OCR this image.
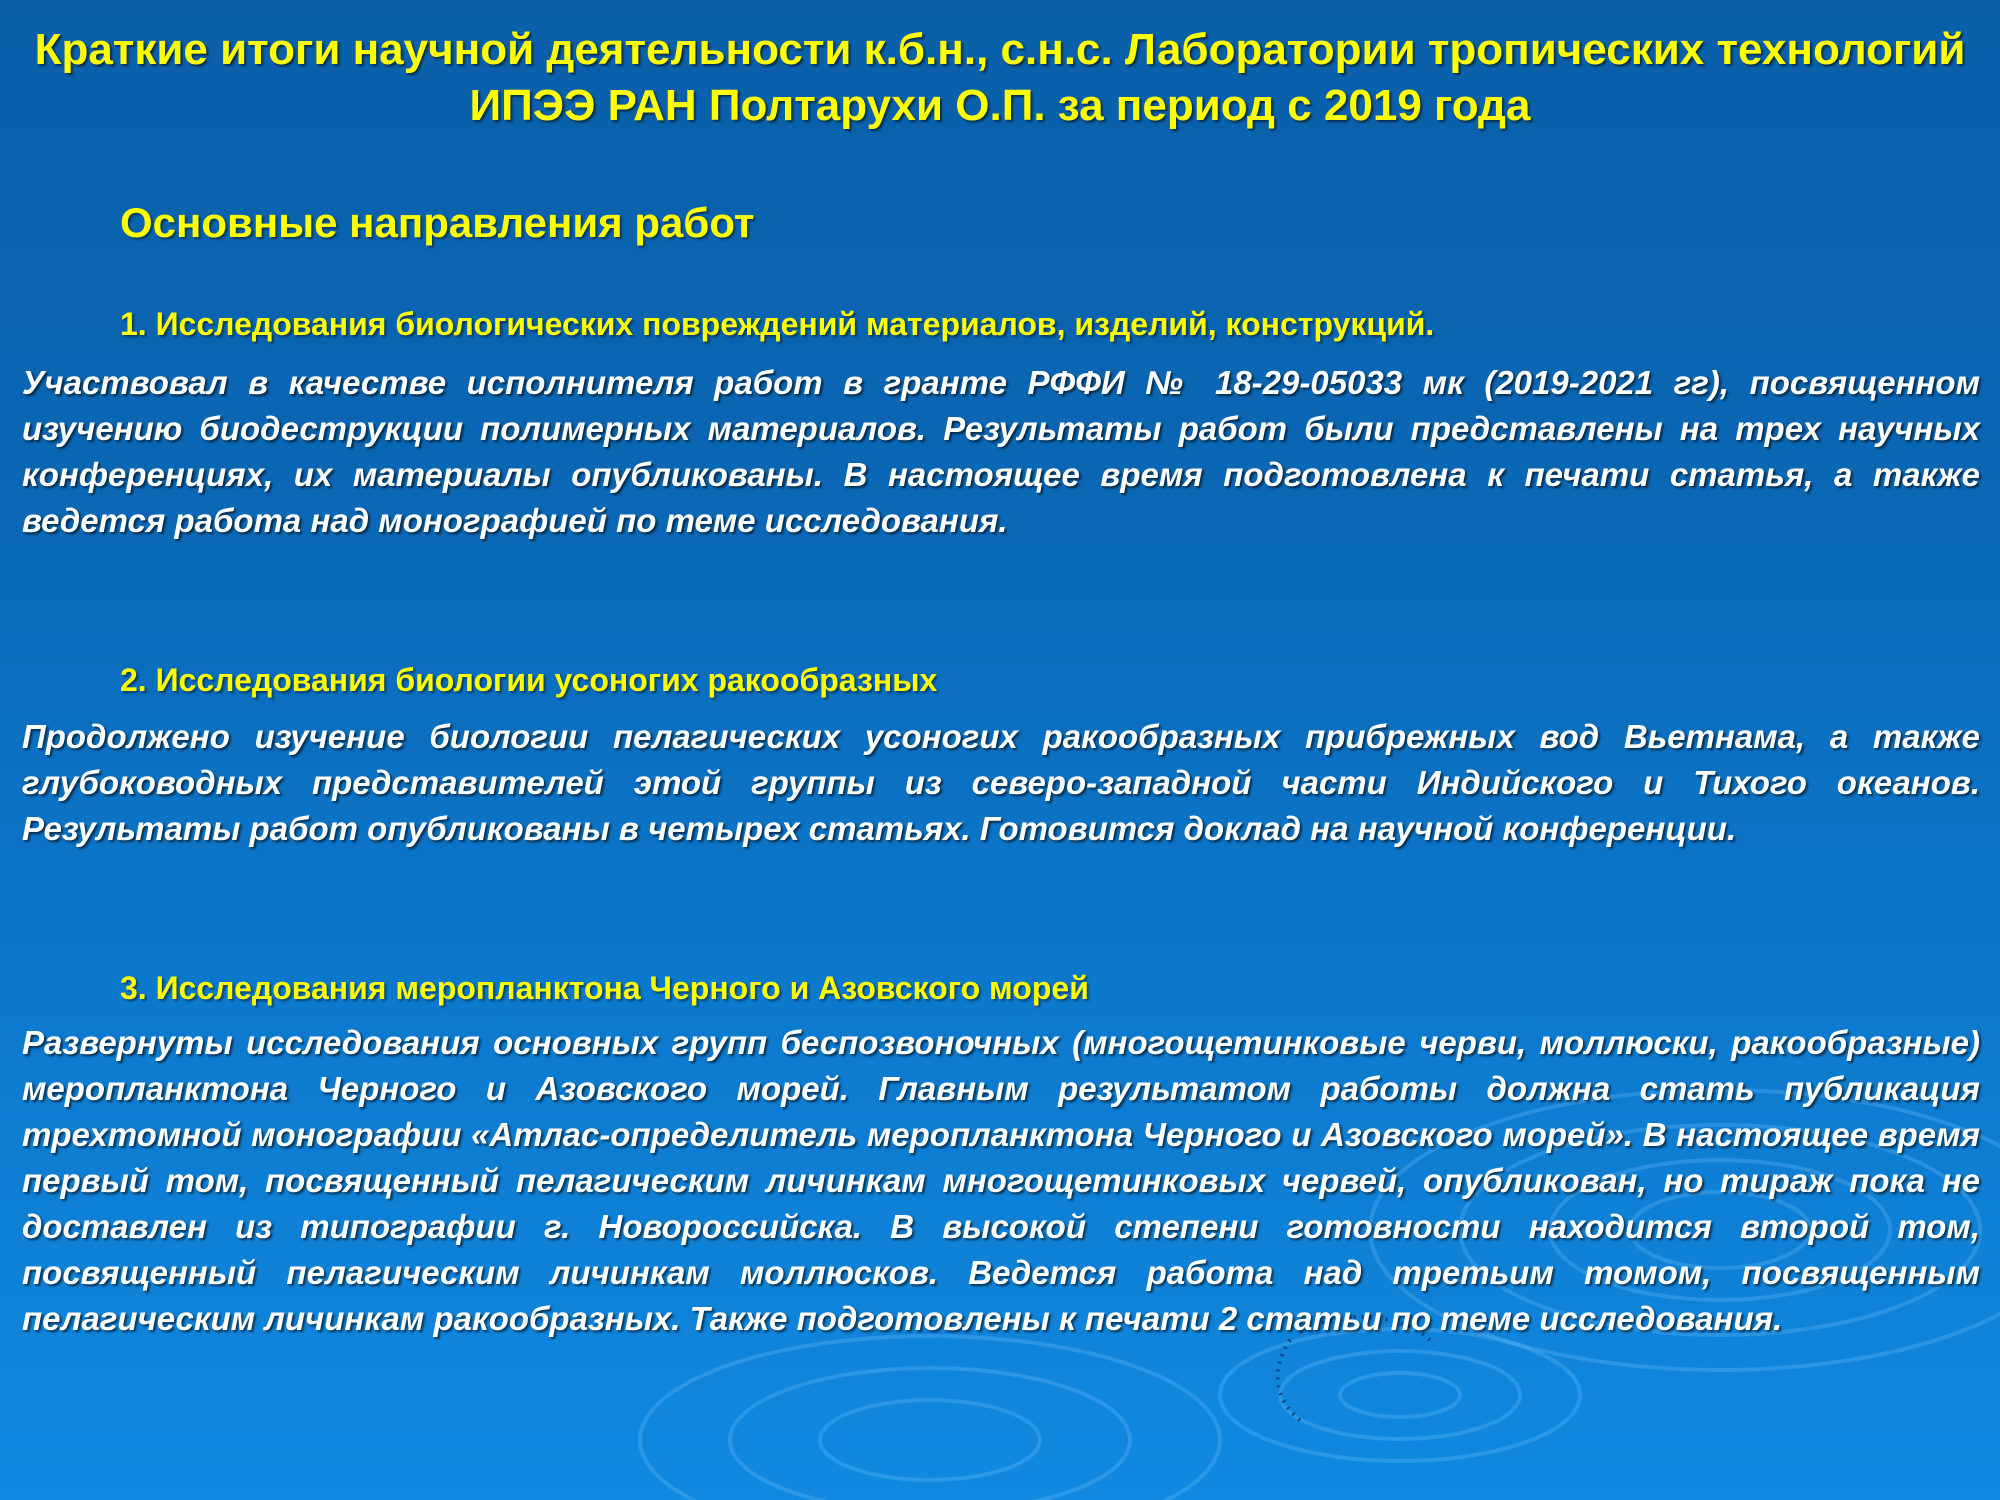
Краткие итоги научной деятельности к.б.н., с.н.с. Лаборатории тропических технологий ИПЭЭ РАН Полтарухи О.П. за период с 2019 года
Основные направления работ
1. Исследования биологических повреждений материалов, изделий, конструкций.
Участвовал в качестве исполнителя работ в гранте РФФИ № 18-29-05033 мк (2019-2021 гг), посвященном изучению биодеструкции полимерных материалов. Результаты работ были представлены на трех научных конференциях, их материалы опубликованы. В настоящее время подготовлена к печати статья, а также ведется работа над монографией по теме исследования.
2. Исследования биологии усоногих ракообразных
Продолжено изучение биологии пелагических усоногих ракообразных прибрежных вод Вьетнама, а также глубоководных представителей этой группы из северо-западной части Индийского и Тихого океанов. Результаты работ опубликованы в четырех статьях. Готовится доклад на научной конференции.
3. Исследования меропланктона Черного и Азовского морей
Развернуты исследования основных групп беспозвоночных (многощетинковые черви, моллюски, ракообразные) меропланктона Черного и Азовского морей. Главным результатом работы должна стать публикация трехтомной монографии «Атлас-определитель меропланктона Черного и Азовского морей». В настоящее время первый том, посвященный пелагическим личинкам многощетинковых червей, опубликован, но тираж пока не доставлен из типографии г. Новороссийска. В высокой степени готовности находится второй том, посвященный пелагическим личинкам моллюсков. Ведется работа над третьим томом, посвященным пелагическим личинкам ракообразных. Также подготовлены к печати 2 статьи по теме исследования.
